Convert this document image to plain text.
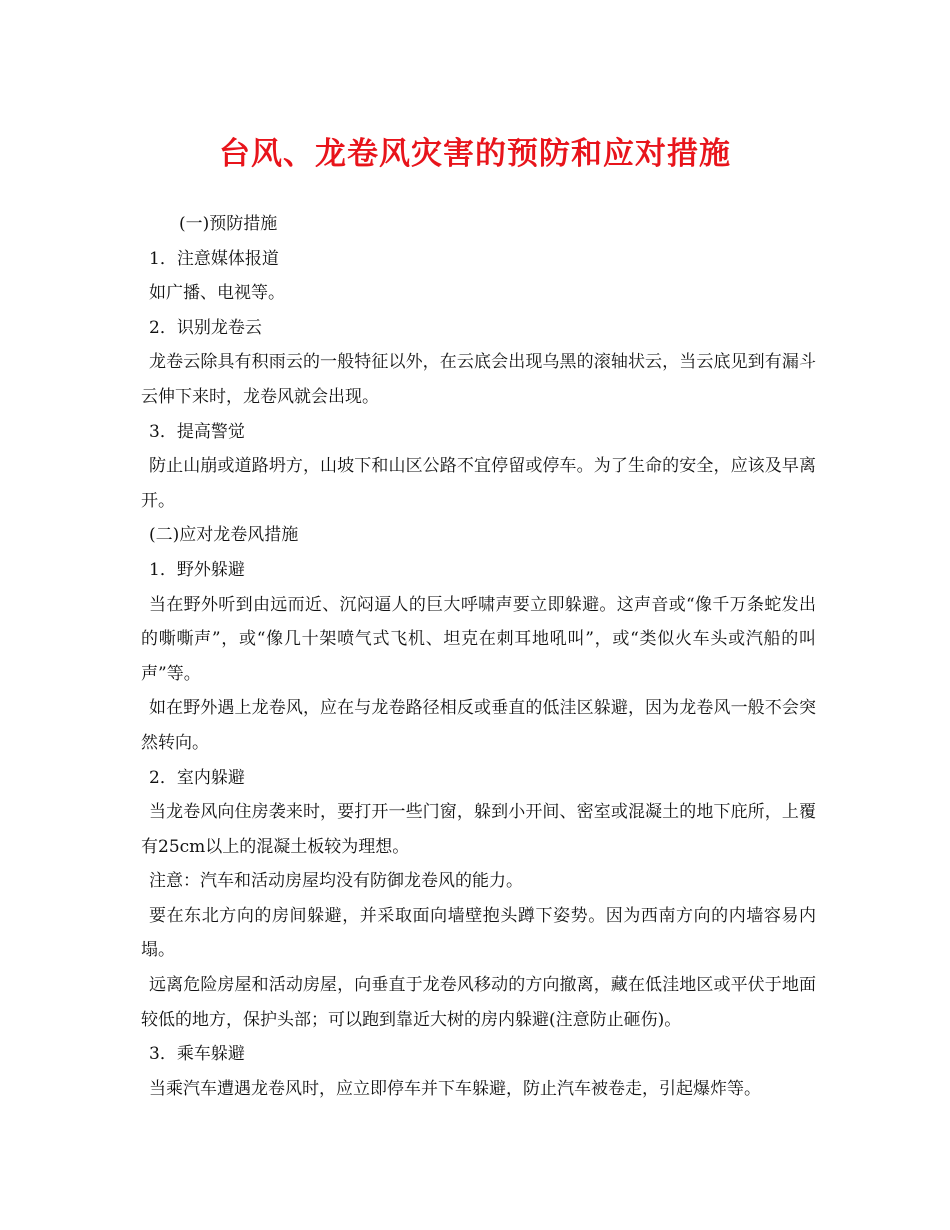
台风、龙卷风灾害的预防和应对措施

(一)预防措施

1．注意媒体报道

如广播、电视等。

2．识别龙卷云

龙卷云除具有积雨云的一般特征以外，在云底会出现乌黑的滚轴状云，当云底见到有漏斗云伸下来时，龙卷风就会出现。

3．提高警觉

防止山崩或道路坍方，山坡下和山区公路不宜停留或停车。为了生命的安全，应该及早离开。

(二)应对龙卷风措施

1．野外躲避

当在野外听到由远而近、沉闷逼人的巨大呼啸声要立即躲避。这声音或“像千万条蛇发出的嘶嘶声”，或“像几十架喷气式飞机、坦克在刺耳地吼叫”，或“类似火车头或汽船的叫声”等。

如在野外遇上龙卷风，应在与龙卷路径相反或垂直的低洼区躲避，因为龙卷风一般不会突然转向。

2．室内躲避

当龙卷风向住房袭来时，要打开一些门窗，躲到小开间、密室或混凝土的地下庇所，上覆有25cm以上的混凝土板较为理想。

注意：汽车和活动房屋均没有防御龙卷风的能力。

要在东北方向的房间躲避，并采取面向墙壁抱头蹲下姿势。因为西南方向的内墙容易内塌。

远离危险房屋和活动房屋，向垂直于龙卷风移动的方向撤离，藏在低洼地区或平伏于地面较低的地方，保护头部；可以跑到靠近大树的房内躲避(注意防止砸伤)。

3．乘车躲避

当乘汽车遭遇龙卷风时，应立即停车并下车躲避，防止汽车被卷走，引起爆炸等。
